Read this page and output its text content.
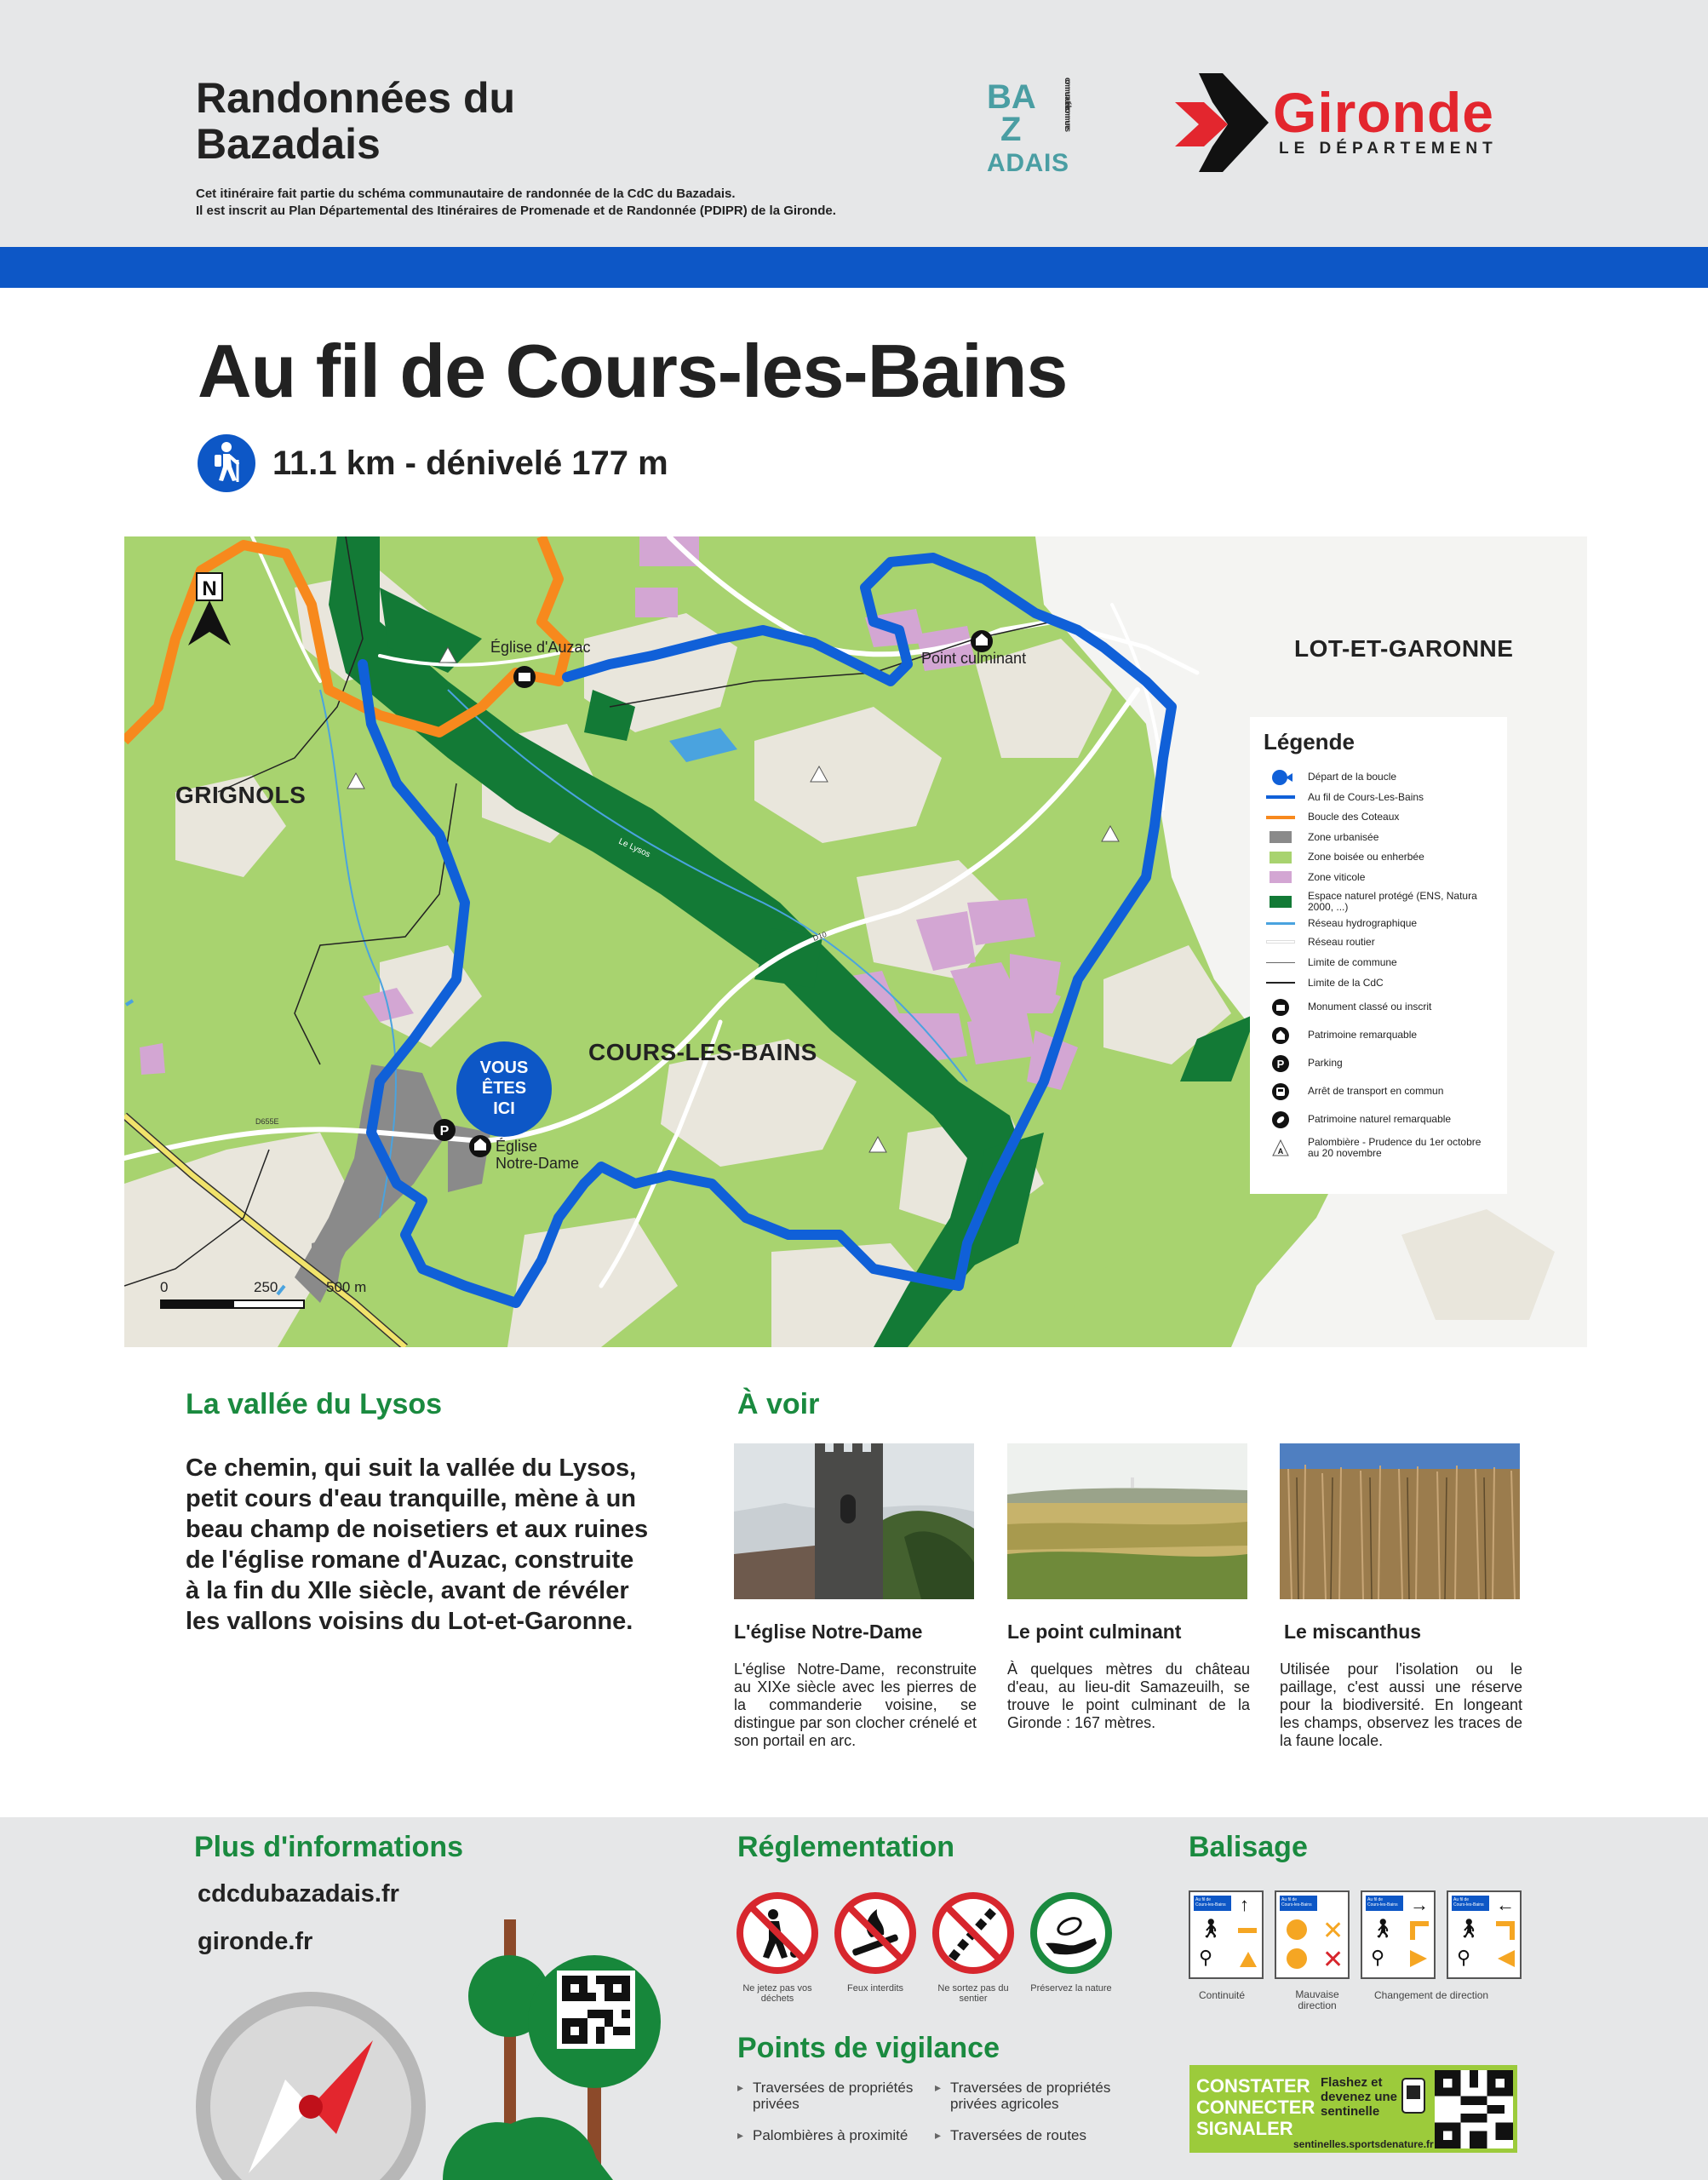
Randonnées du
Bazadais
Cet itinéraire fait partie du schéma communautaire de randonnée de la CdC du Bazadais.
Il est inscrit au Plan Départemental des Itinéraires de Promenade et de Randonnée (PDIPR) de la Gironde.
BA
Z
ADAIS
communauté de communes	Gironde
LE DÉPARTEMENT
Au fil de Cours-les-Bains
11.1 km - dénivelé 177 m
N
P
D655E
D10
Le Lysos
GRIGNOLS
COURS-LES-BAINS
LOT-ET-GARONNE
Église d'Auzac
Point culminant
Église
Notre-Dame
VOUS
ÊTES
ICI
0	250	500 m
Légende
Départ de la boucle
Au fil de Cours-Les-Bains
Boucle des Coteaux
Zone urbanisée
Zone boisée ou enherbée
Zone viticole
Espace naturel protégé (ENS, Natura 2000, ...)
Réseau hydrographique
Réseau routier
Limite de commune
Limite de la CdC
Monument classé ou inscrit
Patrimoine remarquable
P Parking
Arrêt de transport en commun
Patrimoine naturel remarquable
A
Palombière - Prudence du 1er octobre au 20 novembre
La vallée du Lysos
Ce chemin, qui suit la vallée du Lysos, petit cours d'eau tranquille, mène à un beau champ de noisetiers et aux ruines de l'église romane d'Auzac, construite à la fin du XIIe siècle, avant de révéler les vallons voisins du Lot-et-Garonne.
À voir
L'église Notre-Dame
L'église Notre-Dame, reconstruite au XIXe siècle avec les pierres de la commanderie voisine, se distingue par son clocher crénelé et son portail en arc.
Le point culminant
À quelques mètres du château d'eau, au lieu-dit Samazeuilh, se trouve le point culminant de la Gironde : 167 mètres.
Le miscanthus
Utilisée pour l'isolation ou le paillage, c'est aussi une réserve pour la biodiversité. En longeant les champs, observez les traces de la faune locale.
Plus d'informations
cdcdubazadais.fr
gironde.fr
Réglementation
Ne jetez pas vos déchets
Feux interdits	Ne sortez pas du sentier
Préservez la nature
Balisage
Au fil de
Cours-les-Bains ↑
🚶︎
⚲
Au fil de
Cours-les-Bains
✕
✕
Au fil de
Cours-les-Bains →
🚶︎
⚲
Au fil de
Cours-les-Bains ←
🚶︎
⚲
Continuité	Mauvaise direction
Changement de direction
Points de vigilance
▸ Traversées de propriétés privées
▸ Traversées de propriétés privées agricoles
▸ Palombières à proximité
▸	Traversées de routes
CONSTATER
CONNECTER
SIGNALER
Flashez et
devenez une
sentinelle
sentinelles.sportsdenature.fr
